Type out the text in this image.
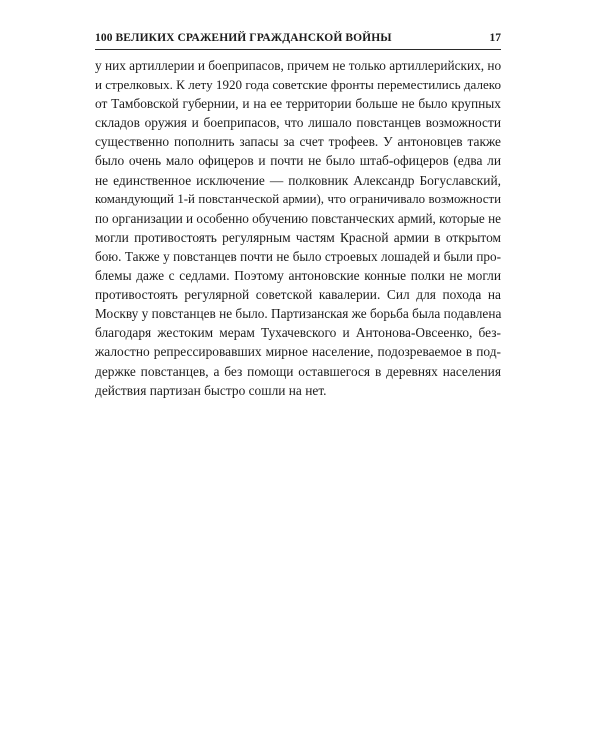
100 ВЕЛИКИХ СРАЖЕНИЙ ГРАЖДАНСКОЙ ВОЙНЫ	17
у них артиллерии и боеприпасов, причем не только артиллерийских, но
и стрелковых. К лету 1920 года советские фронты переместились далеко
от Тамбовской губернии, и на ее территории больше не было крупных
складов оружия и боеприпасов, что лишало повстанцев возможности
существенно пополнить запасы за счет трофеев. У антоновцев также
было очень мало офицеров и почти не было штаб-офицеров (едва ли
не единственное исключение — полковник Александр Богуславский,
командующий 1-й повстанческой армии), что ограничивало возможности
по организации и особенно обучению повстанческих армий, которые не
могли противостоять регулярным частям Красной армии в открытом
бою. Также у повстанцев почти не было строевых лошадей и были про-
блемы даже с седлами. Поэтому антоновские конные полки не могли
противостоять регулярной советской кавалерии. Сил для похода на
Москву у повстанцев не было. Партизанская же борьба была подавлена
благодаря жестоким мерам Тухачевского и Антонова-Овсеенко, без-
жалостно репрессировавших мирное население, подозреваемое в под-
держке повстанцев, а без помощи оставшегося в деревнях населения
действия партизан быстро сошли на нет.
